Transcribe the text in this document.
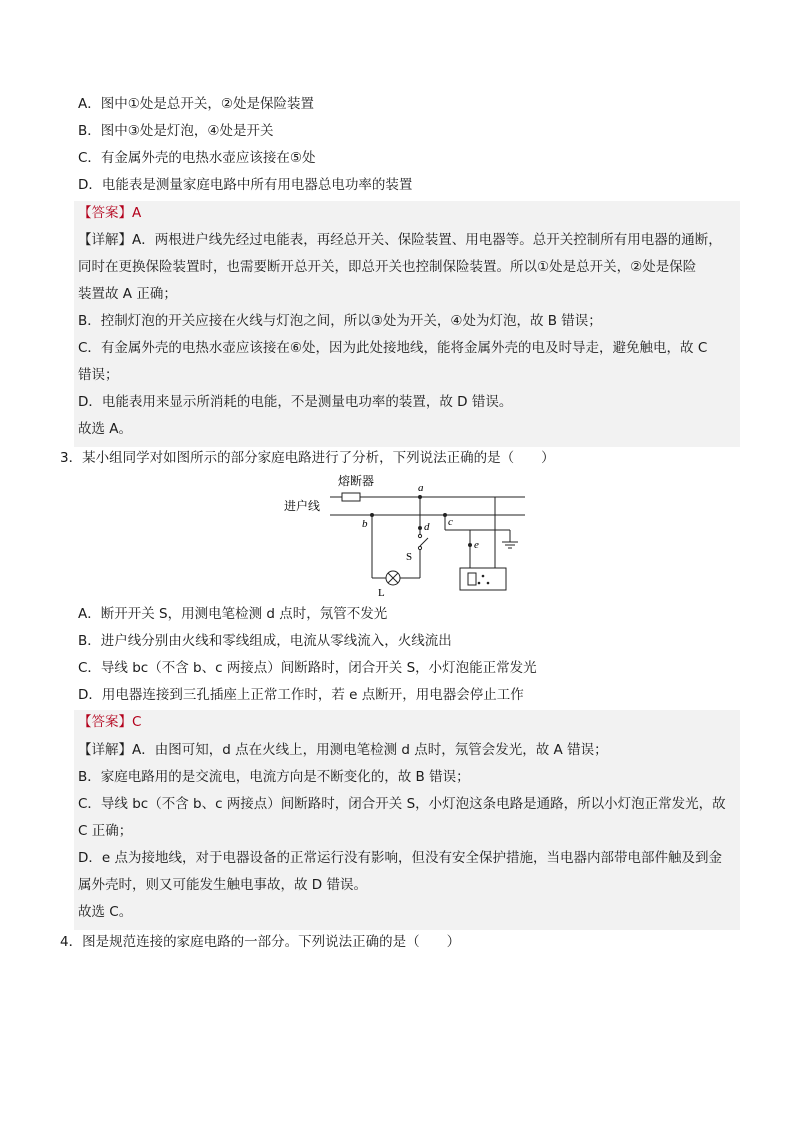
A．图中①处是总开关，②处是保险装置
B．图中③处是灯泡，④处是开关
C．有金属外壳的电热水壶应该接在⑤处
D．电能表是测量家庭电路中所有用电器总电功率的装置
【答案】A
【详解】A．两根进户线先经过电能表，再经总开关、保险装置、用电器等。总开关控制所有用电器的通断，
同时在更换保险装置时，也需要断开总开关，即总开关也控制保险装置。所以①处是总开关，②处是保险
装置故 A 正确；
B．控制灯泡的开关应接在火线与灯泡之间，所以③处为开关，④处为灯泡，故 B 错误；
C．有金属外壳的电热水壶应该接在⑥处，因为此处接地线，能将金属外壳的电及时导走，避免触电，故 C
错误；
D．电能表用来显示所消耗的电能，不是测量电功率的装置，故 D 错误。
故选 A。
3．某小组同学对如图所示的部分家庭电路进行了分析，下列说法正确的是（　　）
熔断器
进户线
a
b
L
S
d c
e
A．断开开关 S，用测电笔检测 d 点时，氖管不发光
B．进户线分别由火线和零线组成，电流从零线流入，火线流出
C．导线 bc（不含 b、c 两接点）间断路时，闭合开关 S，小灯泡能正常发光
D．用电器连接到三孔插座上正常工作时，若 e 点断开，用电器会停止工作
【答案】C
【详解】A．由图可知，d 点在火线上，用测电笔检测 d 点时，氖管会发光，故 A 错误；
B．家庭电路用的是交流电，电流方向是不断变化的，故 B 错误；
C．导线 bc（不含 b、c 两接点）间断路时，闭合开关 S，小灯泡这条电路是通路，所以小灯泡正常发光，故
C 正确；
D．e 点为接地线，对于电器设备的正常运行没有影响，但没有安全保护措施，当电器内部带电部件触及到金
属外壳时，则又可能发生触电事故，故 D 错误。
故选 C。
4．图是规范连接的家庭电路的一部分。下列说法正确的是（　　）
